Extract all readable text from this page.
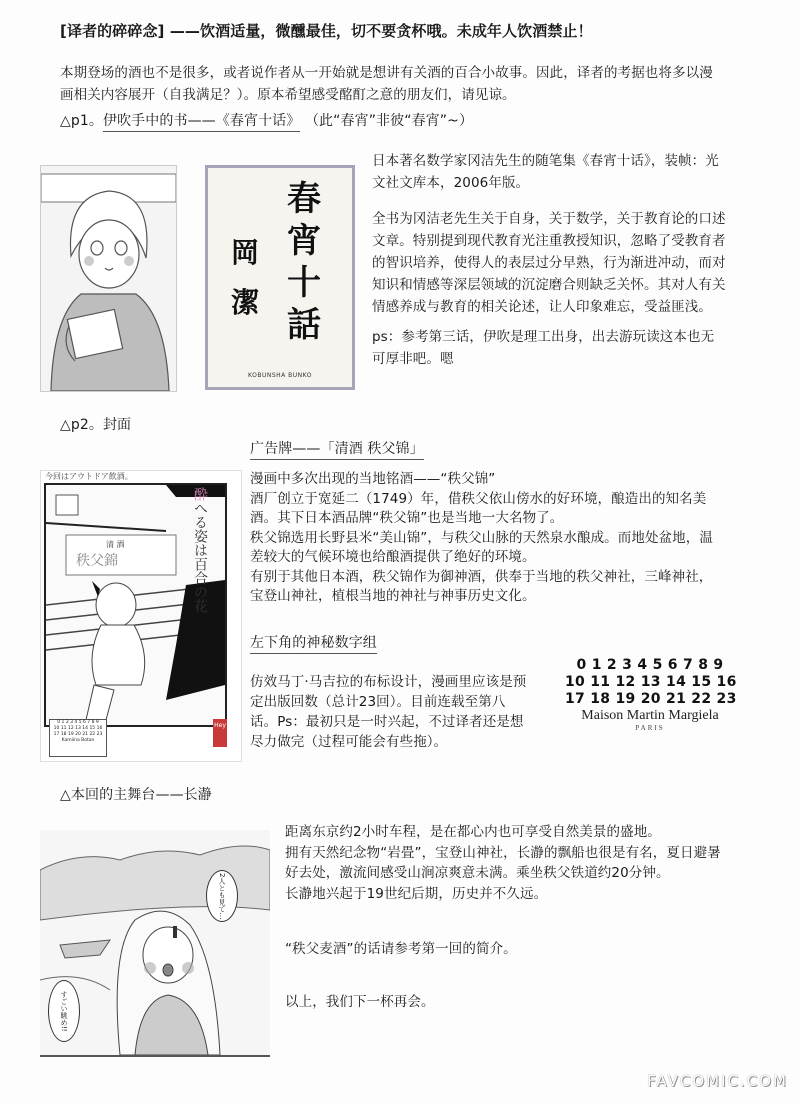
[译者的碎碎念] ——饮酒适量，微醺最佳，切不要贪杯哦。未成年人饮酒禁止！
本期登场的酒也不是很多，或者说作者从一开始就是想讲有关酒的百合小故事。因此，译者的考据也将多以漫
画相关内容展开（自我满足？）。原本希望感受酩酊之意的朋友们，请见谅。
△p1。伊吹手中的书——《春宵十话》 （此“春宵”非彼“春宵”~）
春
宵
十
話
岡
潔
KOBUNSHA BUNKO
日本著名数学家冈洁先生的随笔集《春宵十话》，装帧：光
文社文库本，2006年版。
全书为冈洁老先生关于自身，关于数学，关于教育论的口述
文章。特别提到现代教育光注重教授知识，忽略了受教育者
的智识培养，使得人的表层过分早熟，行为渐进冲动，而对
知识和情感等深层领域的沉淀磨合则缺乏关怀。其对人有关
情感养成与教育的相关论述，让人印象难忘，受益匪浅。
ps：参考第三话，伊吹是理工出身，出去游玩读这本也无
可厚非吧。嗯
△p2。封面
今回はアウトドア飲酒。
清 酒
秩父錦
酔へる姿は百合の花
0 1 2 3 4 5 6 7 8 9
10 11 12 13 14 15 16
17 18 19 20 21 22 23
Kamiina Botan
Hey
广告牌——「清酒 秩父锦」
漫画中多次出现的当地铭酒——“秩父锦”
酒厂创立于宽延二（1749）年，借秩父依山傍水的好环境，酿造出的知名美
酒。其下日本酒品牌“秩父锦”也是当地一大名物了。
秩父锦选用长野县米“美山锦”，与秩父山脉的天然泉水酿成。而地处盆地，温
差较大的气候环境也给酿酒提供了绝好的环境。
有别于其他日本酒，秩父锦作为御神酒，供奉于当地的秩父神社，三峰神社，
宝登山神社，植根当地的神社与神事历史文化。
左下角的神秘数字组
仿效马丁·马吉拉的布标设计，漫画里应该是预
定出版回数（总计23回）。目前连载至第八
话。Ps：最初只是一时兴起，不过译者还是想
尽力做完（过程可能会有些拖）。
0 1 2 3 4 5 6 7 8 9
10 11 12 13 14 15 16
17 18 19 20 21 22 23
Maison Martin Margiela
PARIS
△本回的主舞台——长瀞
2人とも見て…
すごい眺め!!
距离东京约2小时车程，是在都心内也可享受自然美景的盛地。
拥有天然纪念物“岩畳”，宝登山神社，长瀞的飘船也很是有名，夏日避暑
好去处，激流间感受山涧凉爽意未满。乘坐秩父铁道约20分钟。
长瀞地兴起于19世纪后期，历史并不久远。
“秩父麦酒”的话请参考第一回的简介。
以上，我们下一杯再会。
FAVCOMIC.COM
